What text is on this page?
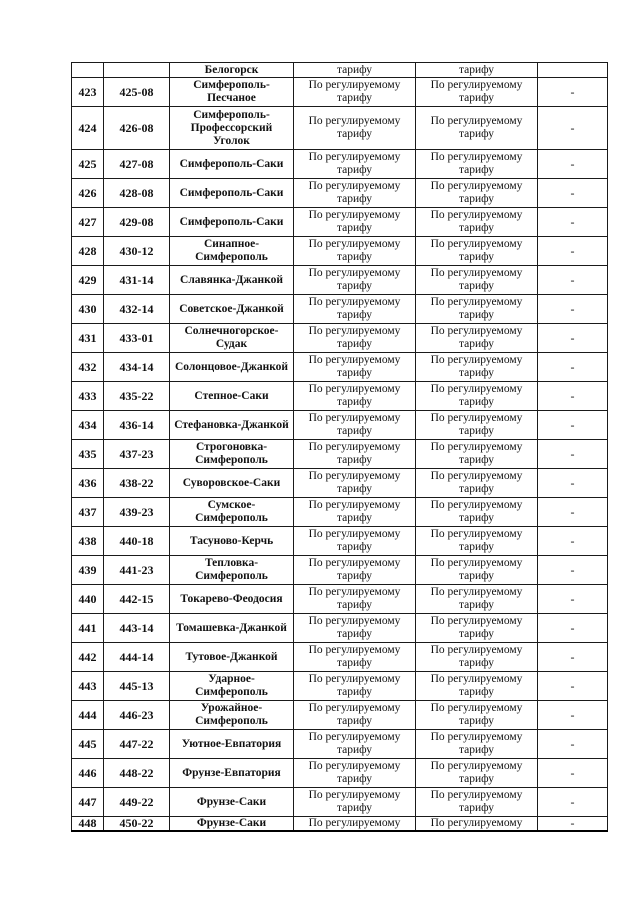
		Белогорск	тарифу	тарифу	
423	425-08	Симферополь-Песчаное	По регулируемому тарифу	По регулируемому тарифу	-
424	426-08	Симферополь-Профессорский Уголок	По регулируемому тарифу	По регулируемому тарифу	-
425	427-08	Симферополь-Саки	По регулируемому тарифу	По регулируемому тарифу	-
426	428-08	Симферополь-Саки	По регулируемому тарифу	По регулируемому тарифу	-
427	429-08	Симферополь-Саки	По регулируемому тарифу	По регулируемому тарифу	-
428	430-12	Синапное-Симферополь	По регулируемому тарифу	По регулируемому тарифу	-
429	431-14	Славянка-Джанкой	По регулируемому тарифу	По регулируемому тарифу	-
430	432-14	Советское-Джанкой	По регулируемому тарифу	По регулируемому тарифу	-
431	433-01	Солнечногорское-Судак	По регулируемому тарифу	По регулируемому тарифу	-
432	434-14	Солонцовое-Джанкой	По регулируемому тарифу	По регулируемому тарифу	-
433	435-22	Степное-Саки	По регулируемому тарифу	По регулируемому тарифу	-
434	436-14	Стефановка-Джанкой	По регулируемому тарифу	По регулируемому тарифу	-
435	437-23	Строгоновка-Симферополь	По регулируемому тарифу	По регулируемому тарифу	-
436	438-22	Суворовское-Саки	По регулируемому тарифу	По регулируемому тарифу	-
437	439-23	Сумское-Симферополь	По регулируемому тарифу	По регулируемому тарифу	-
438	440-18	Тасуново-Керчь	По регулируемому тарифу	По регулируемому тарифу	-
439	441-23	Тепловка-Симферополь	По регулируемому тарифу	По регулируемому тарифу	-
440	442-15	Токарево-Феодосия	По регулируемому тарифу	По регулируемому тарифу	-
441	443-14	Томашевка-Джанкой	По регулируемому тарифу	По регулируемому тарифу	-
442	444-14	Тутовое-Джанкой	По регулируемому тарифу	По регулируемому тарифу	-
443	445-13	Ударное-Симферополь	По регулируемому тарифу	По регулируемому тарифу	-
444	446-23	Урожайное-Симферополь	По регулируемому тарифу	По регулируемому тарифу	-
445	447-22	Уютное-Евпатория	По регулируемому тарифу	По регулируемому тарифу	-
446	448-22	Фрунзе-Евпатория	По регулируемому тарифу	По регулируемому тарифу	-
447	449-22	Фрунзе-Саки	По регулируемому тарифу	По регулируемому тарифу	-
448	450-22	Фрунзе-Саки	По регулируемому	По регулируемому	-
